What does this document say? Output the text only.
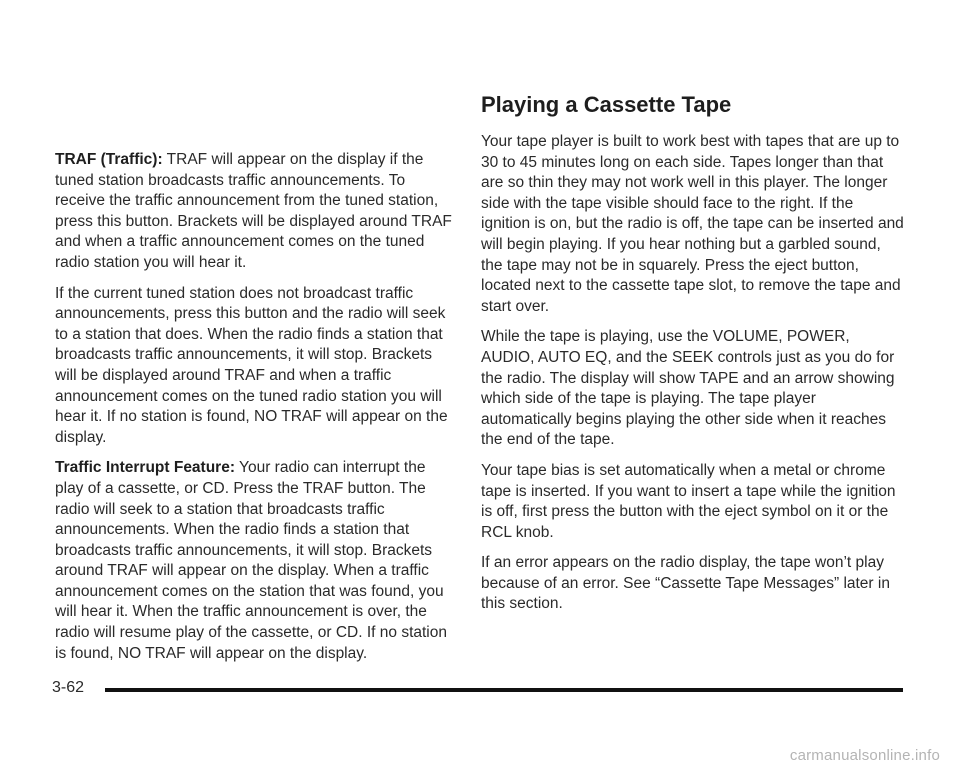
TRAF (Traffic): TRAF will appear on the display if the tuned station broadcasts traffic announcements. To receive the traffic announcement from the tuned station, press this button. Brackets will be displayed around TRAF and when a traffic announcement comes on the tuned radio station you will hear it.

If the current tuned station does not broadcast traffic announcements, press this button and the radio will seek to a station that does. When the radio finds a station that broadcasts traffic announcements, it will stop. Brackets will be displayed around TRAF and when a traffic announcement comes on the tuned radio station you will hear it. If no station is found, NO TRAF will appear on the display.

Traffic Interrupt Feature: Your radio can interrupt the play of a cassette, or CD. Press the TRAF button. The radio will seek to a station that broadcasts traffic announcements. When the radio finds a station that broadcasts traffic announcements, it will stop. Brackets around TRAF will appear on the display. When a traffic announcement comes on the station that was found, you will hear it. When the traffic announcement is over, the radio will resume play of the cassette, or CD. If no station is found, NO TRAF will appear on the display.

Playing a Cassette Tape

Your tape player is built to work best with tapes that are up to 30 to 45 minutes long on each side. Tapes longer than that are so thin they may not work well in this player. The longer side with the tape visible should face to the right. If the ignition is on, but the radio is off, the tape can be inserted and will begin playing. If you hear nothing but a garbled sound, the tape may not be in squarely. Press the eject button, located next to the cassette tape slot, to remove the tape and start over.

While the tape is playing, use the VOLUME, POWER, AUDIO, AUTO EQ, and the SEEK controls just as you do for the radio. The display will show TAPE and an arrow showing which side of the tape is playing. The tape player automatically begins playing the other side when it reaches the end of the tape.

Your tape bias is set automatically when a metal or chrome tape is inserted. If you want to insert a tape while the ignition is off, first press the button with the eject symbol on it or the RCL knob.

If an error appears on the radio display, the tape won’t play because of an error. See “Cassette Tape Messages” later in this section.

3-62
carmanualsonline.info
